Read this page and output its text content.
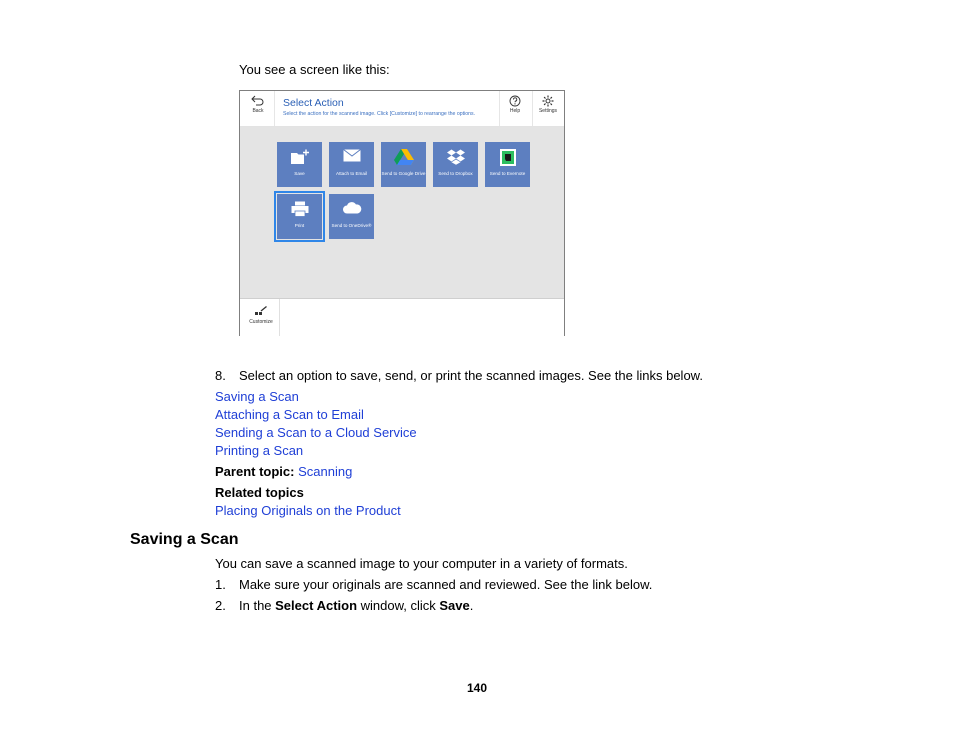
You see a screen like this:
Back
Select Action
Select the action for the scanned image. Click [Customize] to rearrange the options.	Help	Settings
Save	Attach to Email	Send to Google Drive	Send to Dropbox	Send to Evernote
Print	Send to OneDrive®
Customize
8. Select an option to save, send, or print the scanned images. See the links below.
Saving a Scan
Attaching a Scan to Email
Sending a Scan to a Cloud Service
Printing a Scan
Parent topic: Scanning
Related topics
Placing Originals on the Product
Saving a Scan
You can save a scanned image to your computer in a variety of formats.
1. Make sure your originals are scanned and reviewed. See the link below.
2. In the Select Action window, click Save.
140
